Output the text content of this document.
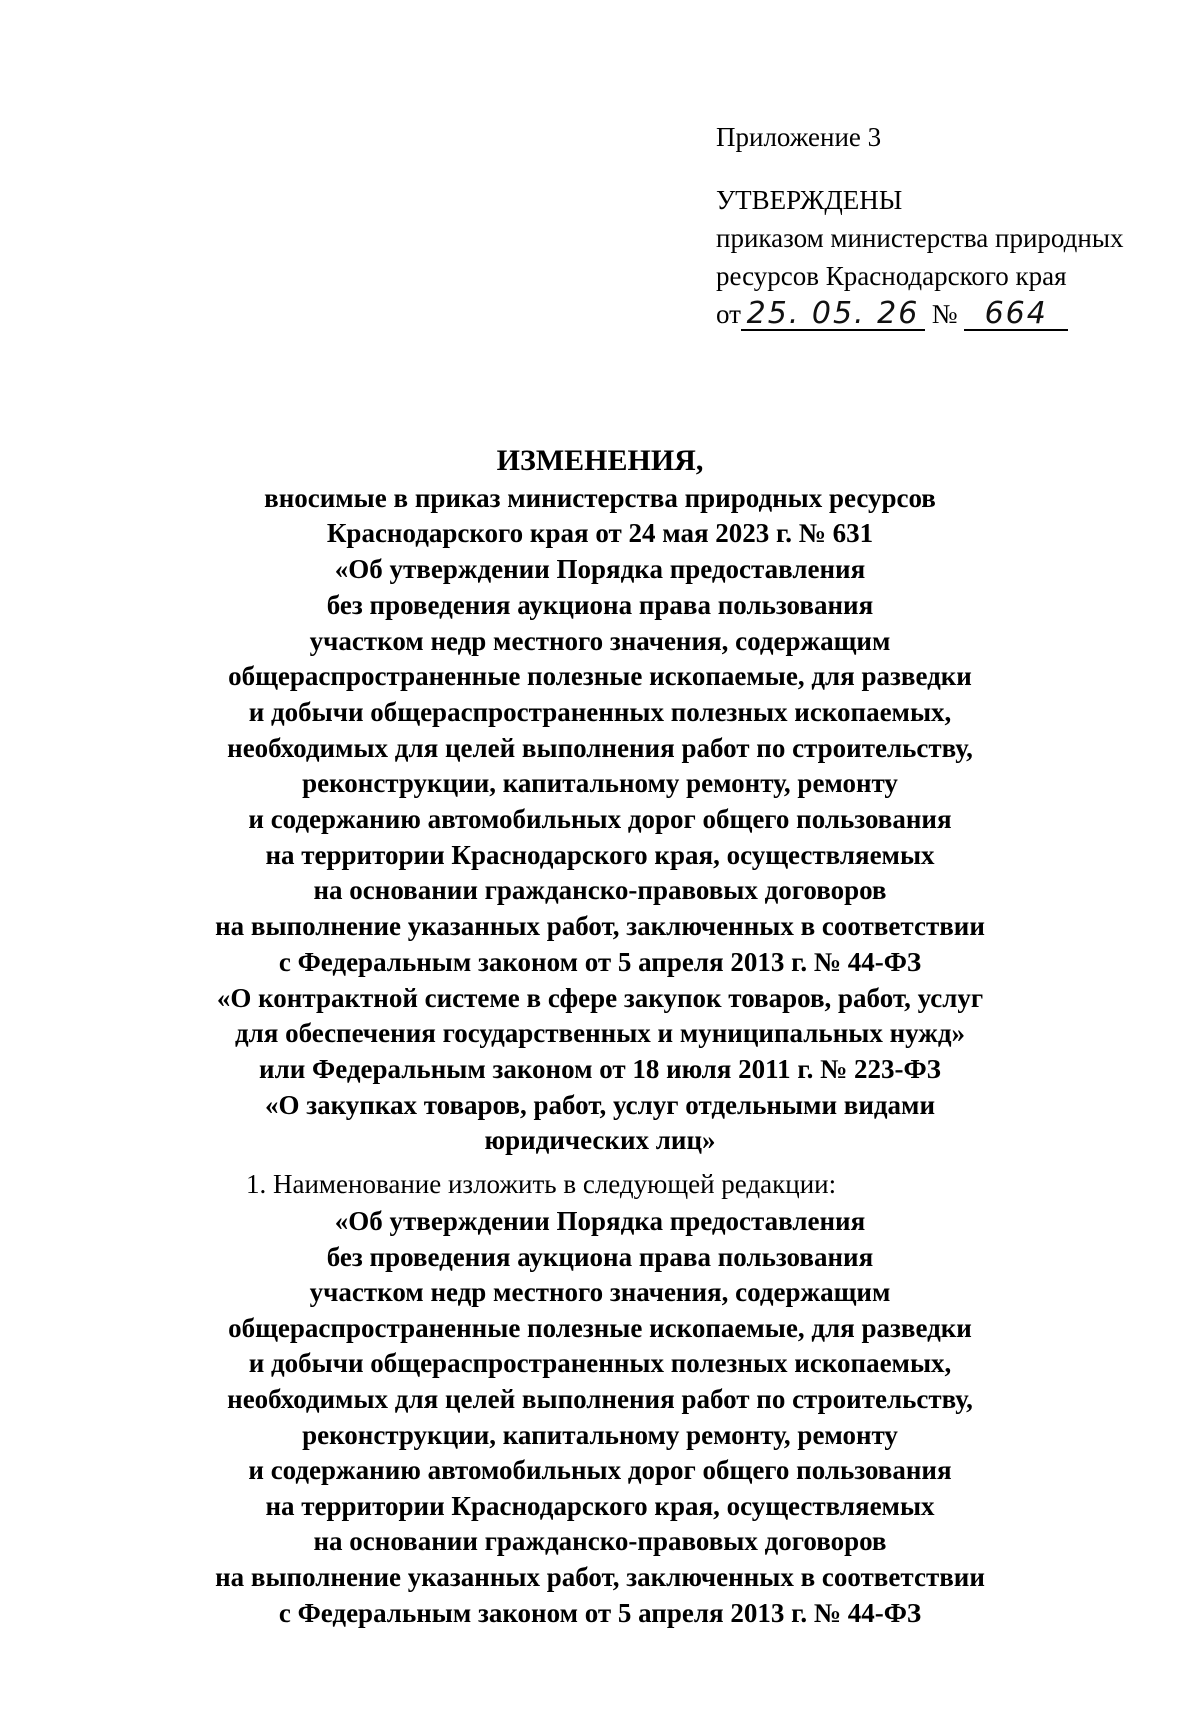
Приложение 3
УТВЕРЖДЕНЫ
приказом министерства природных
ресурсов Краснодарского края
от 25. 05. 26 № 664
ИЗМЕНЕНИЯ,
вносимые в приказ министерства природных ресурсов
Краснодарского края от 24 мая 2023 г. № 631
«Об утверждении Порядка предоставления
без проведения аукциона права пользования
участком недр местного значения, содержащим
общераспространенные полезные ископаемые, для разведки
и добычи общераспространенных полезных ископаемых,
необходимых для целей выполнения работ по строительству,
реконструкции, капитальному ремонту, ремонту
и содержанию автомобильных дорог общего пользования
на территории Краснодарского края, осуществляемых
на основании гражданско-правовых договоров
на выполнение указанных работ, заключенных в соответствии
с Федеральным законом от 5 апреля 2013 г. № 44-ФЗ
«О контрактной системе в сфере закупок товаров, работ, услуг
для обеспечения государственных и муниципальных нужд»
или Федеральным законом от 18 июля 2011 г. № 223-ФЗ
«О закупках товаров, работ, услуг отдельными видами
юридических лиц»
1. Наименование изложить в следующей редакции:
«Об утверждении Порядка предоставления
без проведения аукциона права пользования
участком недр местного значения, содержащим
общераспространенные полезные ископаемые, для разведки
и добычи общераспространенных полезных ископаемых,
необходимых для целей выполнения работ по строительству,
реконструкции, капитальному ремонту, ремонту
и содержанию автомобильных дорог общего пользования
на территории Краснодарского края, осуществляемых
на основании гражданско-правовых договоров
на выполнение указанных работ, заключенных в соответствии
с Федеральным законом от 5 апреля 2013 г. № 44-ФЗ
